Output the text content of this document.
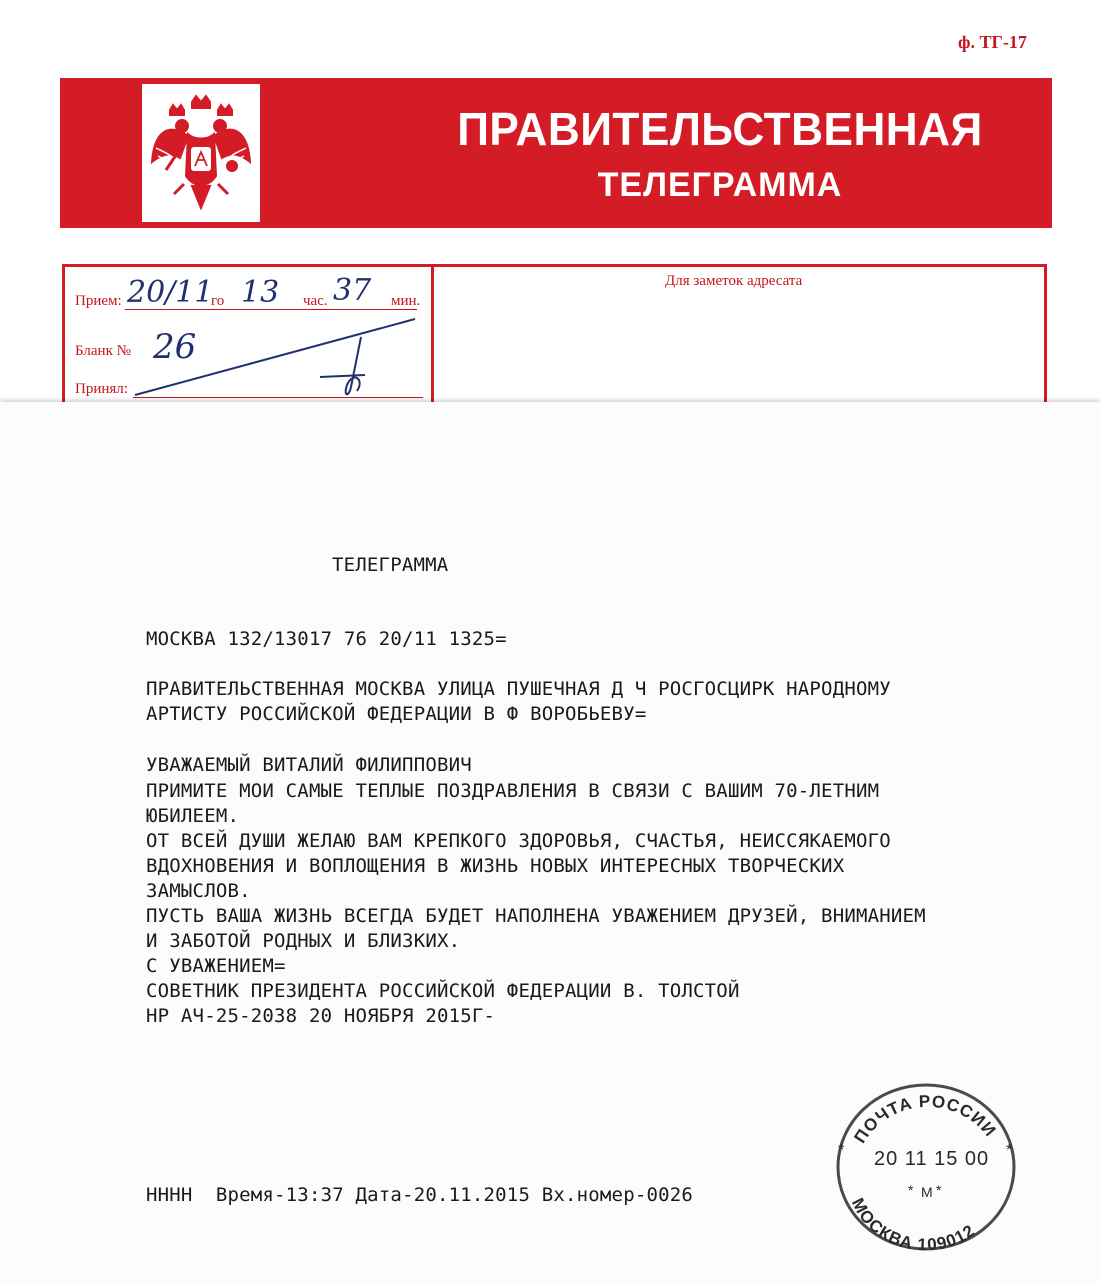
ф. ТГ-17
ПРАВИТЕЛЬСТВЕННАЯ
ТЕЛЕГРАММА
Прием:	го	час.	мин.
20/11 13 37
Бланк № 26
Принял:
Для заметок адресата
ТЕЛЕГРАММА
МОСКВА 132/13017 76 20/11 1325=
ПРАВИТЕЛЬСТВЕННАЯ МОСКВА УЛИЦА ПУШЕЧНАЯ Д Ч РОСГОСЦИРК НАРОДНОМУ
АРТИСТУ РОССИЙСКОЙ ФЕДЕРАЦИИ В Ф ВОРОБЬЕВУ=
УВАЖАЕМЫЙ ВИТАЛИЙ ФИЛИППОВИЧ
ПРИМИТЕ МОИ САМЫЕ ТЕПЛЫЕ ПОЗДРАВЛЕНИЯ В СВЯЗИ С ВАШИМ 70-ЛЕТНИМ
ЮБИЛЕЕМ.
ОТ ВСЕЙ ДУШИ ЖЕЛАЮ ВАМ КРЕПКОГО ЗДОРОВЬЯ, СЧАСТЬЯ, НЕИССЯКАЕМОГО
ВДОХНОВЕНИЯ И ВОПЛОЩЕНИЯ В ЖИЗНЬ НОВЫХ ИНТЕРЕСНЫХ ТВОРЧЕСКИХ
ЗАМЫСЛОВ.
ПУСТЬ ВАША ЖИЗНЬ ВСЕГДА БУДЕТ НАПОЛНЕНА УВАЖЕНИЕМ ДРУЗЕЙ, ВНИМАНИЕМ
И ЗАБОТОЙ РОДНЫХ И БЛИЗКИХ.
С УВАЖЕНИЕМ=
СОВЕТНИК ПРЕЗИДЕНТА РОССИЙСКОЙ ФЕДЕРАЦИИ В. ТОЛСТОЙ
НР АЧ-25-2038 20 НОЯБРЯ 2015Г-
НННН  Время-13:37 Дата-20.11.2015 Вх.номер-0026
ПОЧТА РОССИИ
* 20 11 15 00 *
* М *
МОСКВА 109012
